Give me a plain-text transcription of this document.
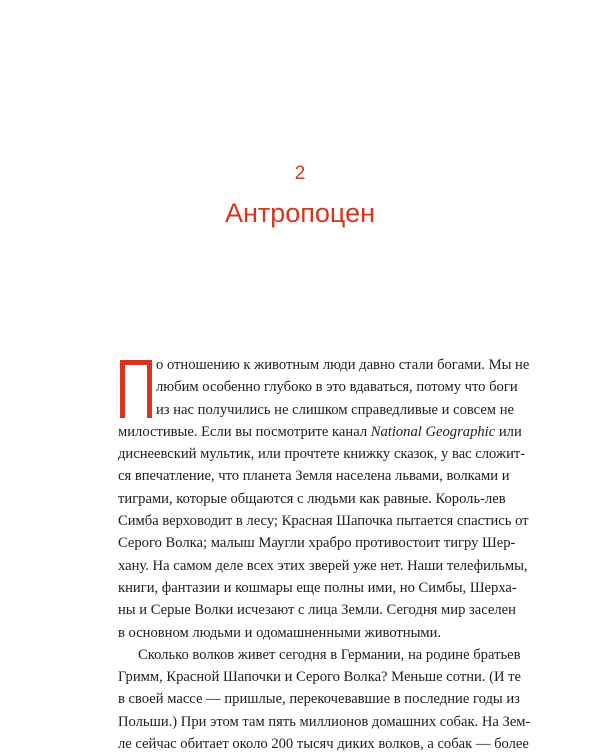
2
Антропоцен
о отношению к животным люди давно стали богами. Мы не
любим особенно глубоко в это вдаваться, потому что боги
из нас получились не слишком справедливые и совсем не
милостивые. Если вы посмотрите канал National Geographic или
диснеевский мультик, или прочтете книжку сказок, у вас сложит-
ся впечатление, что планета Земля населена львами, волками и
тиграми, которые общаются с людьми как равные. Король-лев
Симба верховодит в лесу; Красная Шапочка пытается спастись от
Серого Волка; малыш Маугли храбро противостоит тигру Шер-
хану. На самом деле всех этих зверей уже нет. Наши телефильмы,
книги, фантазии и кошмары еще полны ими, но Симбы, Шерха-
ны и Серые Волки исчезают с лица Земли. Сегодня мир заселен
в основном людьми и одомашненными животными.
Сколько волков живет сегодня в Германии, на родине братьев
Гримм, Красной Шапочки и Серого Волка? Меньше сотни. (И те
в своей массе — пришлые, перекочевавшие в последние годы из
Польши.) При этом там пять миллионов домашних собак. На Зем-
ле сейчас обитает около 200 тысяч диких волков, а собак — более
